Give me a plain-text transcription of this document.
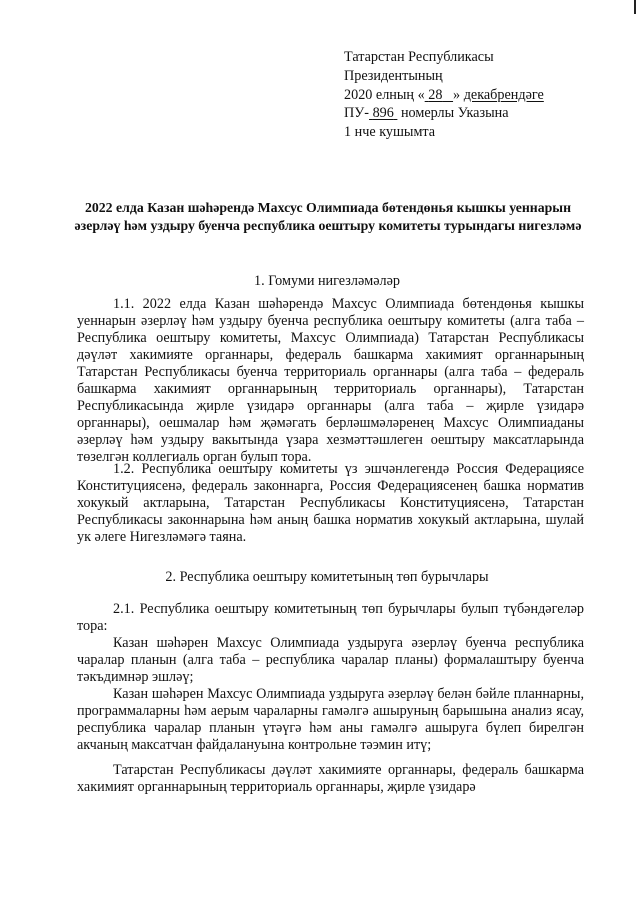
Татарстан Республикасы
Президентының
2020 елның « 28 » декабрендәге
ПУ- 896 номерлы Указына
1 нче кушымта
2022 елда Казан шәһәрендә Махсус Олимпиада бөтендөнья кышкы уеннарын әзерләү һәм уздыру буенча республика оештыру комитеты турындагы нигезләмә
1. Гомуми нигезләмәләр
1.1. 2022 елда Казан шәһәрендә Махсус Олимпиада бөтендөнья кышкы уеннарын әзерләү һәм уздыру буенча республика оештыру комитеты (алга таба – Республика оештыру комитеты, Махсус Олимпиада) Татарстан Республикасы дәүләт хакимияте органнары, федераль башкарма хакимият органнарының Татарстан Республикасы буенча территориаль органнары (алга таба – федераль башкарма хакимият органнарының территориаль органнары), Татарстан Республикасында җирле үзидарә органнары (алга таба – җирле үзидарә органнары), оешмалар һәм җәмәгать берләшмәләренең Махсус Олимпиаданы әзерләү һәм уздыру вакытында үзара хезмәттәшлеген оештыру максатларында төзелгән коллегиаль орган булып тора.
1.2. Республика оештыру комитеты үз эшчәнлегендә Россия Федерациясе Конституциясенә, федераль законнарга, Россия Федерациясенең башка норматив хокукый актларына, Татарстан Республикасы Конституциясенә, Татарстан Республикасы законнарына һәм аның башка норматив хокукый актларына, шулай ук әлеге Нигезләмәгә таяна.
2. Республика оештыру комитетының төп бурычлары
2.1. Республика оештыру комитетының төп бурычлары булып түбәндәгеләр тора:
Казан шәһәрен Махсус Олимпиада уздыруга әзерләү буенча республика чаралар планын (алга таба – республика чаралар планы) формалаштыру буенча тәкъдимнәр эшләү;
Казан шәһәрен Махсус Олимпиада уздыруга әзерләү белән бәйле планнарны, программаларны һәм аерым чараларны гамәлгә ашыруның барышына анализ ясау, республика чаралар планын үтәүгә һәм аны гамәлгә ашыруга бүлеп бирелгән акчаның максатчан файдалануына контрольне тәэмин итү;
Татарстан Республикасы дәүләт хакимияте органнары, федераль башкарма хакимият органнарының территориаль органнары, җирле үзидарә
